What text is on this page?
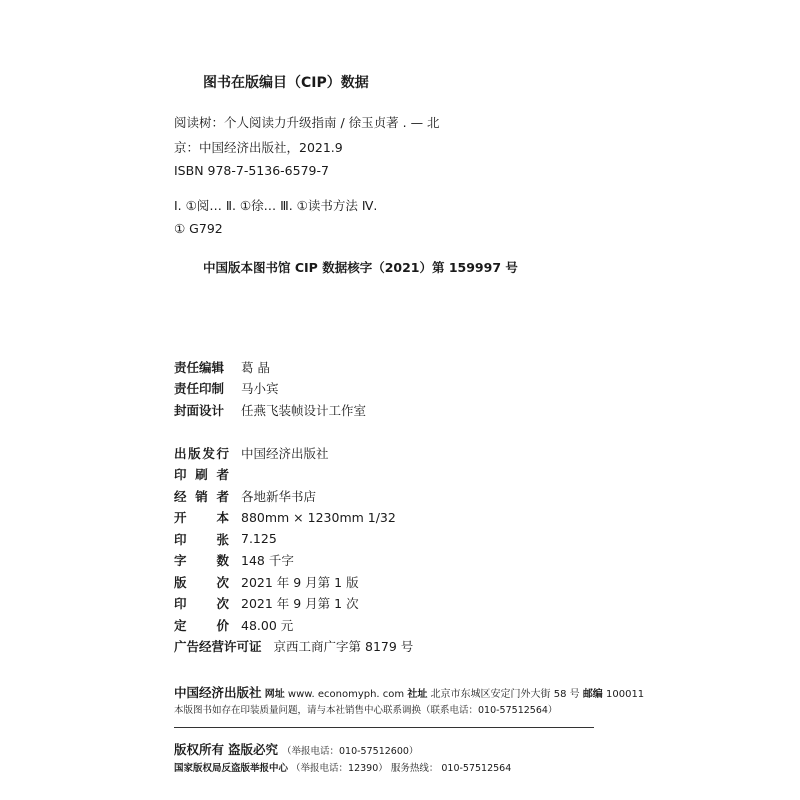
图书在版编目（CIP）数据
阅读树：个人阅读力升级指南 / 徐玉贞著 . — 北
京：中国经济出版社，2021.9
ISBN 978-7-5136-6579-7
Ⅰ. ①阅… Ⅱ. ①徐… Ⅲ. ①读书方法 Ⅳ.
① G792
中国版本图书馆 CIP 数据核字（2021）第 159997 号
责任编辑	葛 晶
责任印制	马小宾
封面设计	任燕飞装帧设计工作室
出 版 发 行 中国经济出版社
印 刷 者
经 销 者 各地新华书店
开 本 880mm × 1230mm 1/32
印 张 7.125
字 数 148 千字
版 次 2021 年 9 月第 1 版
印 次 2021 年 9 月第 1 次
定 价 48.00 元
广告经营许可证 京西工商广字第 8179 号
中国经济出版社 网址 www. economyph. com 社址 北京市东城区安定门外大街 58 号 邮编 100011
本版图书如存在印装质量问题，请与本社销售中心联系调换（联系电话：010-57512564）
版权所有 盗版必究 （举报电话：010-57512600）
国家版权局反盗版举报中心 （举报电话：12390） 服务热线： 010-57512564
